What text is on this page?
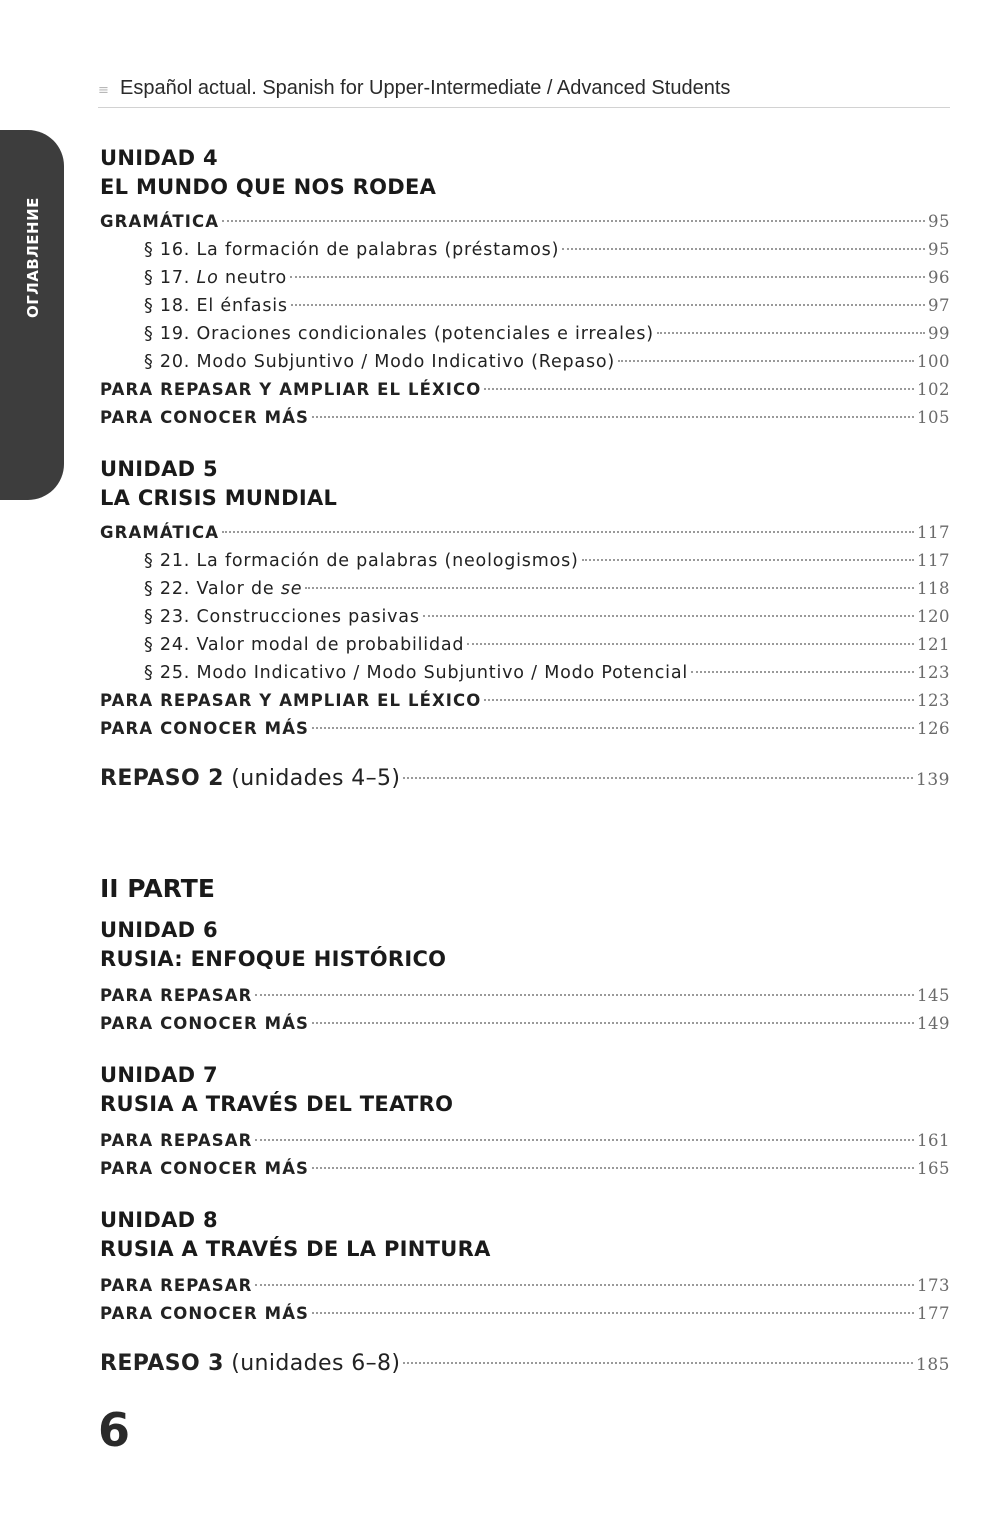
≡ Español actual. Spanish for Upper-Intermediate / Advanced Students
ОГЛАВЛЕНИЕ
UNIDAD 4
EL MUNDO QUE NOS RODEA
GRAMÁTICA	95
§ 16. La formación de palabras (préstamos)	95
§ 17. Lo neutro	96
§ 18. El énfasis	97
§ 19. Oraciones condicionales (potenciales e irreales)	99
§ 20. Modo Subjuntivo / Modo Indicativo (Repaso)	100
PARA REPASAR Y AMPLIAR EL LÉXICO	102
PARA CONOCER MÁS	105
UNIDAD 5
LA CRISIS MUNDIAL
GRAMÁTICA	117
§ 21. La formación de palabras (neologismos)	117
§ 22. Valor de se	118
§ 23. Construcciones pasivas	120
§ 24. Valor modal de probabilidad	121
§ 25. Modo Indicativo / Modo Subjuntivo / Modo Potencial	123
PARA REPASAR Y AMPLIAR EL LÉXICO	123
PARA CONOCER MÁS	126
REPASO 2 (unidades 4–5)	139
II PARTE
UNIDAD 6
RUSIA: ENFOQUE HISTÓRICO
PARA REPASAR	145
PARA CONOCER MÁS	149
UNIDAD 7
RUSIA A TRAVÉS DEL TEATRO
PARA REPASAR	161
PARA CONOCER MÁS	165
UNIDAD 8
RUSIA A TRAVÉS DE LA PINTURA
PARA REPASAR	173
PARA CONOCER MÁS	177
REPASO 3 (unidades 6–8)	185
6
